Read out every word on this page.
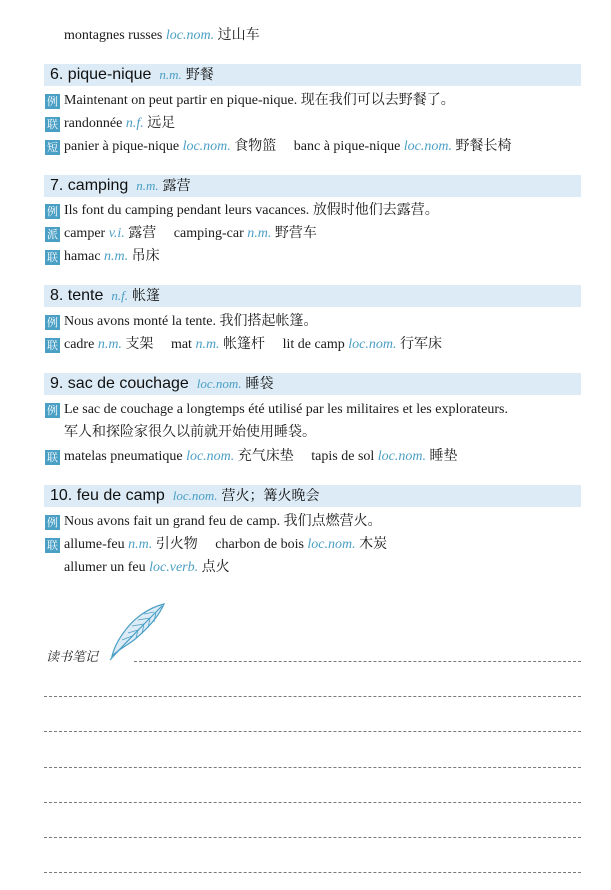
montagnes russes loc.nom. 过山车
6. pique-nique n.m. 野餐
例 Maintenant on peut partir en pique-nique. 现在我们可以去野餐了。
联 randonnée n.f. 远足
短 panier à pique-nique loc.nom. 食物篮 banc à pique-nique loc.nom. 野餐长椅
7. camping n.m. 露营
例 Ils font du camping pendant leurs vacances. 放假时他们去露营。
派 camper v.i. 露营 camping-car n.m. 野营车
联 hamac n.m. 吊床
8. tente n.f. 帐篷
例 Nous avons monté la tente. 我们搭起帐篷。
联 cadre n.m. 支架 mat n.m. 帐篷杆 lit de camp loc.nom. 行军床
9. sac de couchage loc.nom. 睡袋
例 Le sac de couchage a longtemps été utilisé par les militaires et les explorateurs.
军人和探险家很久以前就开始使用睡袋。
联 matelas pneumatique loc.nom. 充气床垫 tapis de sol loc.nom. 睡垫
10. feu de camp loc.nom. 营火；篝火晚会
例 Nous avons fait un grand feu de camp. 我们点燃营火。
联 allume-feu n.m. 引火物 charbon de bois loc.nom. 木炭
allumer un feu loc.verb. 点火
读书笔记
